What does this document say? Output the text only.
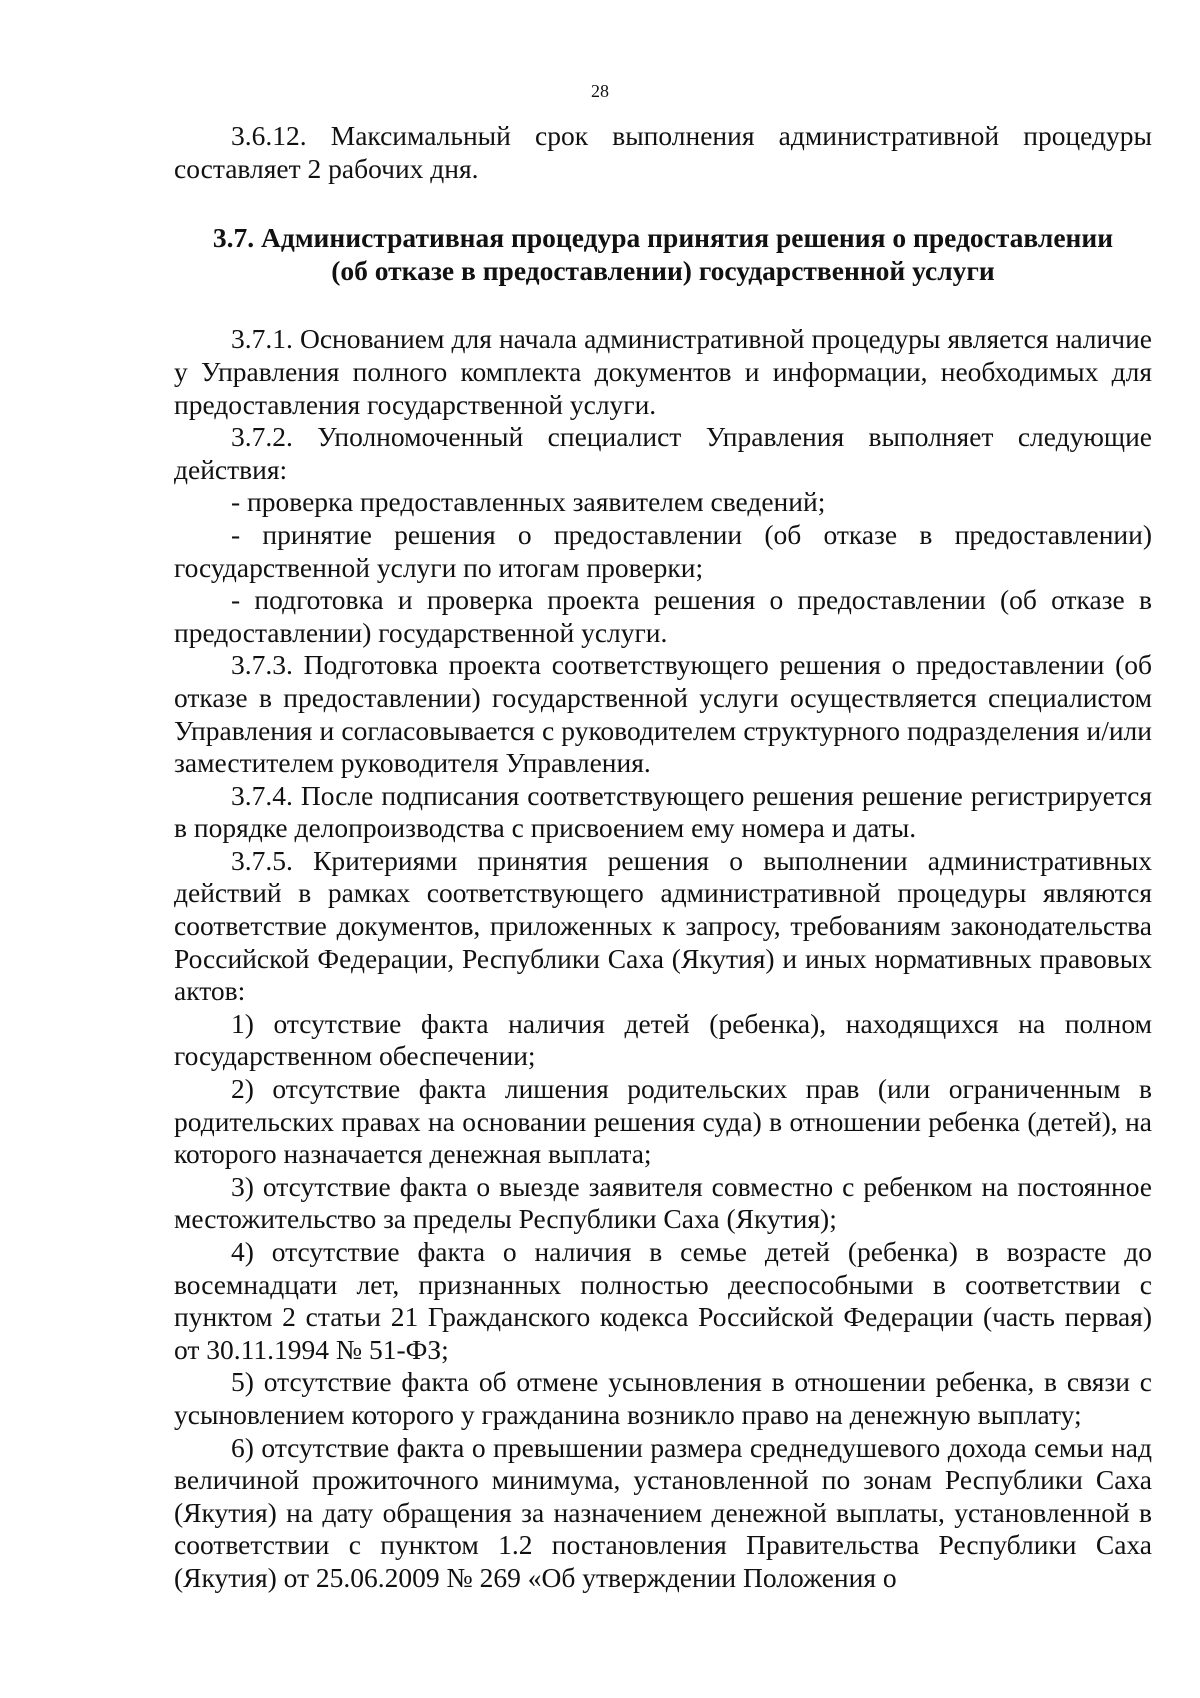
28

3.6.12. Максимальный срок выполнения административной процедуры составляет 2 рабочих дня.

3.7. Административная процедура принятия решения о предоставлении
(об отказе в предоставлении) государственной услуги

3.7.1. Основанием для начала административной процедуры является наличие у Управления полного комплекта документов и информации, необходимых для предоставления государственной услуги.

3.7.2. Уполномоченный специалист Управления выполняет следующие действия:

- проверка предоставленных заявителем сведений;

- принятие решения о предоставлении (об отказе в предоставлении) государственной услуги по итогам проверки;

- подготовка и проверка проекта решения о предоставлении (об отказе в предоставлении) государственной услуги.

3.7.3. Подготовка проекта соответствующего решения о предоставлении (об отказе в предоставлении) государственной услуги осуществляется специалистом Управления и согласовывается с руководителем структурного подразделения и/или заместителем руководителя Управления.

3.7.4. После подписания соответствующего решения решение регистрируется в порядке делопроизводства с присвоением ему номера и даты.

3.7.5. Критериями принятия решения о выполнении административных действий в рамках соответствующего административной процедуры являются соответствие документов, приложенных к запросу, требованиям законодательства Российской Федерации, Республики Саха (Якутия) и иных нормативных правовых актов:

1) отсутствие факта наличия детей (ребенка), находящихся на полном государственном обеспечении;

2) отсутствие факта лишения родительских прав (или ограниченным в родительских правах на основании решения суда) в отношении ребенка (детей), на которого назначается денежная выплата;

3) отсутствие факта о выезде заявителя совместно с ребенком на постоянное местожительство за пределы Республики Саха (Якутия);

4) отсутствие факта о наличия в семье детей (ребенка) в возрасте до восемнадцати лет, признанных полностью дееспособными в соответствии с пунктом 2 статьи 21 Гражданского кодекса Российской Федерации (часть первая) от 30.11.1994 № 51-ФЗ;

5) отсутствие факта об отмене усыновления в отношении ребенка, в связи с усыновлением которого у гражданина возникло право на денежную выплату;

6) отсутствие факта о превышении размера среднедушевого дохода семьи над величиной прожиточного минимума, установленной по зонам Республики Саха (Якутия) на дату обращения за назначением денежной выплаты, установленной в соответствии с пунктом 1.2 постановления Правительства Республики Саха (Якутия) от 25.06.2009 № 269 «Об утверждении Положения о
